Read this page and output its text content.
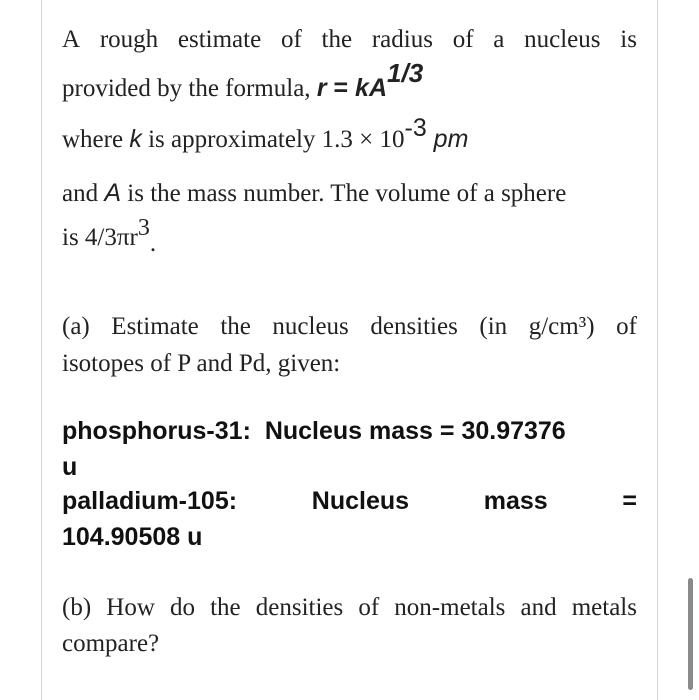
A rough estimate of the radius of a nucleus is
provided by the formula, r = kA1/3
where k is approximately 1.3 × 10-3 pm
and A is the mass number. The volume of a sphere
is 4/3πr3.
(a) Estimate the nucleus densities (in g/cm³) of
isotopes of P and Pd, given:
phosphorus-31: Nucleus mass = 30.97376
u
palladium-105:	Nucleus	mass	=
104.90508 u
(b) How do the densities of non-metals and metals
compare?
